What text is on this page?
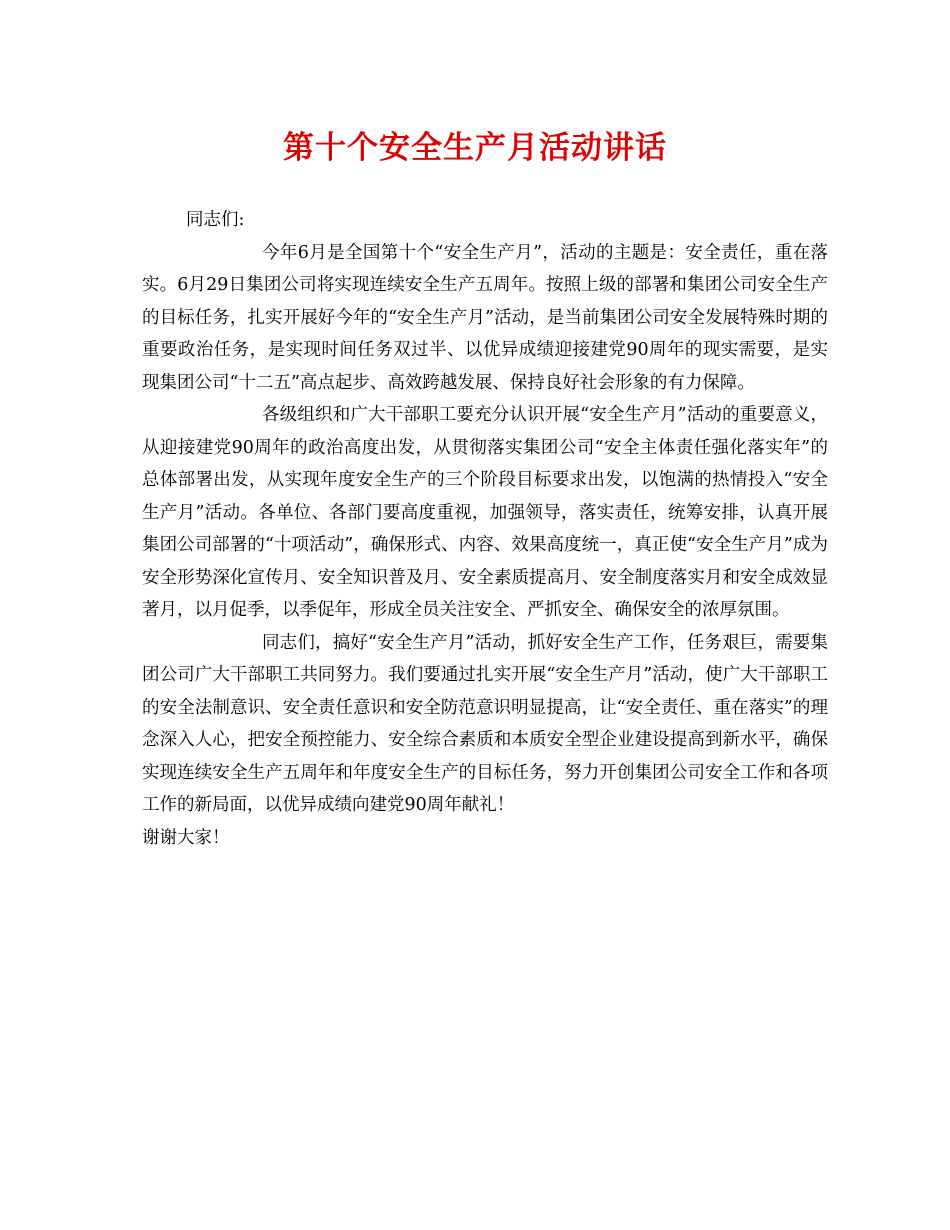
第十个安全生产月活动讲话

同志们:

今年6月是全国第十个“安全生产月”，活动的主题是：安全责任，重在落实。6月29日集团公司将实现连续安全生产五周年。按照上级的部署和集团公司安全生产的目标任务，扎实开展好今年的“安全生产月”活动，是当前集团公司安全发展特殊时期的重要政治任务，是实现时间任务双过半、以优异成绩迎接建党90周年的现实需要，是实现集团公司“十二五”高点起步、高效跨越发展、保持良好社会形象的有力保障。

各级组织和广大干部职工要充分认识开展“安全生产月”活动的重要意义，从迎接建党90周年的政治高度出发，从贯彻落实集团公司“安全主体责任强化落实年”的总体部署出发，从实现年度安全生产的三个阶段目标要求出发，以饱满的热情投入“安全生产月”活动。各单位、各部门要高度重视，加强领导，落实责任，统筹安排，认真开展集团公司部署的“十项活动”，确保形式、内容、效果高度统一，真正使“安全生产月”成为安全形势深化宣传月、安全知识普及月、安全素质提高月、安全制度落实月和安全成效显著月，以月促季，以季促年，形成全员关注安全、严抓安全、确保安全的浓厚氛围。

同志们，搞好“安全生产月”活动，抓好安全生产工作，任务艰巨，需要集团公司广大干部职工共同努力。我们要通过扎实开展“安全生产月”活动，使广大干部职工的安全法制意识、安全责任意识和安全防范意识明显提高，让“安全责任、重在落实”的理念深入人心，把安全预控能力、安全综合素质和本质安全型企业建设提高到新水平，确保实现连续安全生产五周年和年度安全生产的目标任务，努力开创集团公司安全工作和各项工作的新局面，以优异成绩向建党90周年献礼！

谢谢大家！
